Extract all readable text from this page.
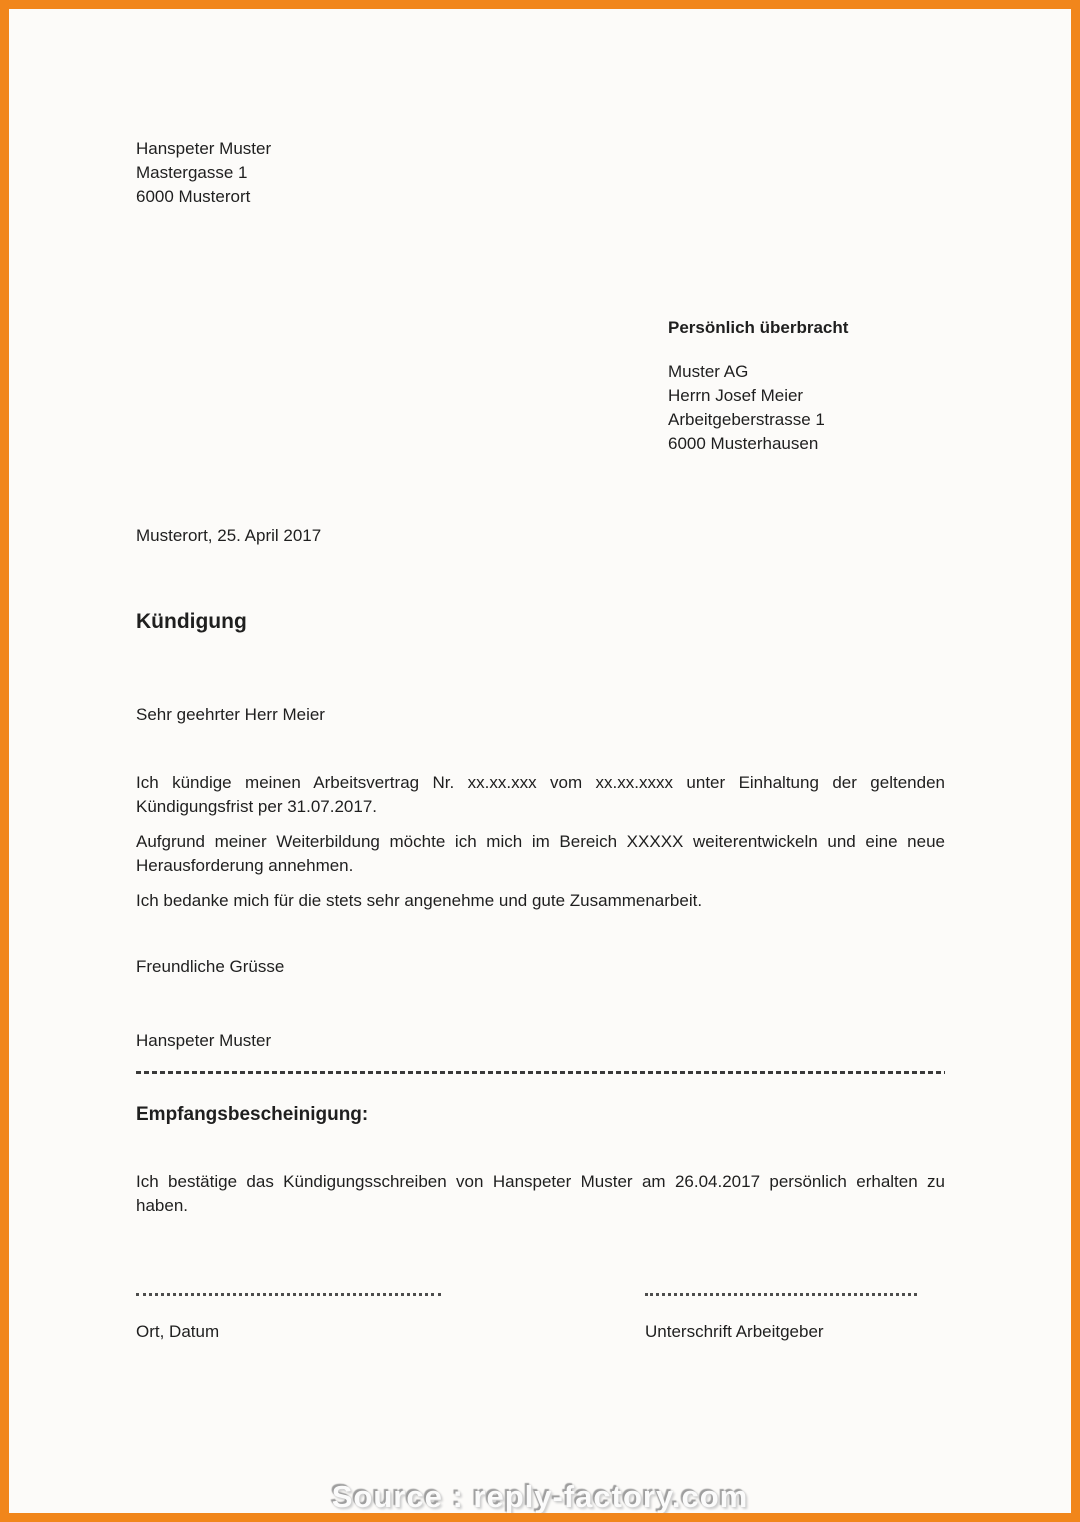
Hanspeter Muster
Mastergasse 1
6000 Musterort
Persönlich überbracht
Muster AG
Herrn Josef Meier
Arbeitgeberstrasse 1
6000 Musterhausen
Musterort, 25. April 2017
Kündigung
Sehr geehrter Herr Meier

Ich kündige meinen Arbeitsvertrag Nr. xx.xx.xxx vom xx.xx.xxxx unter Einhaltung der geltenden Kündigungsfrist per 31.07.2017.

Aufgrund meiner Weiterbildung möchte ich mich im Bereich XXXXX weiterentwickeln und eine neue Herausforderung annehmen.

Ich bedanke mich für die stets sehr angenehme und gute Zusammenarbeit.

Freundliche Grüsse
Hanspeter Muster
Empfangsbescheinigung:

Ich bestätige das Kündigungsschreiben von Hanspeter Muster am 26.04.2017 persönlich erhalten zu haben.

Ort, Datum	Unterschrift Arbeitgeber
Source : reply-factory.com
